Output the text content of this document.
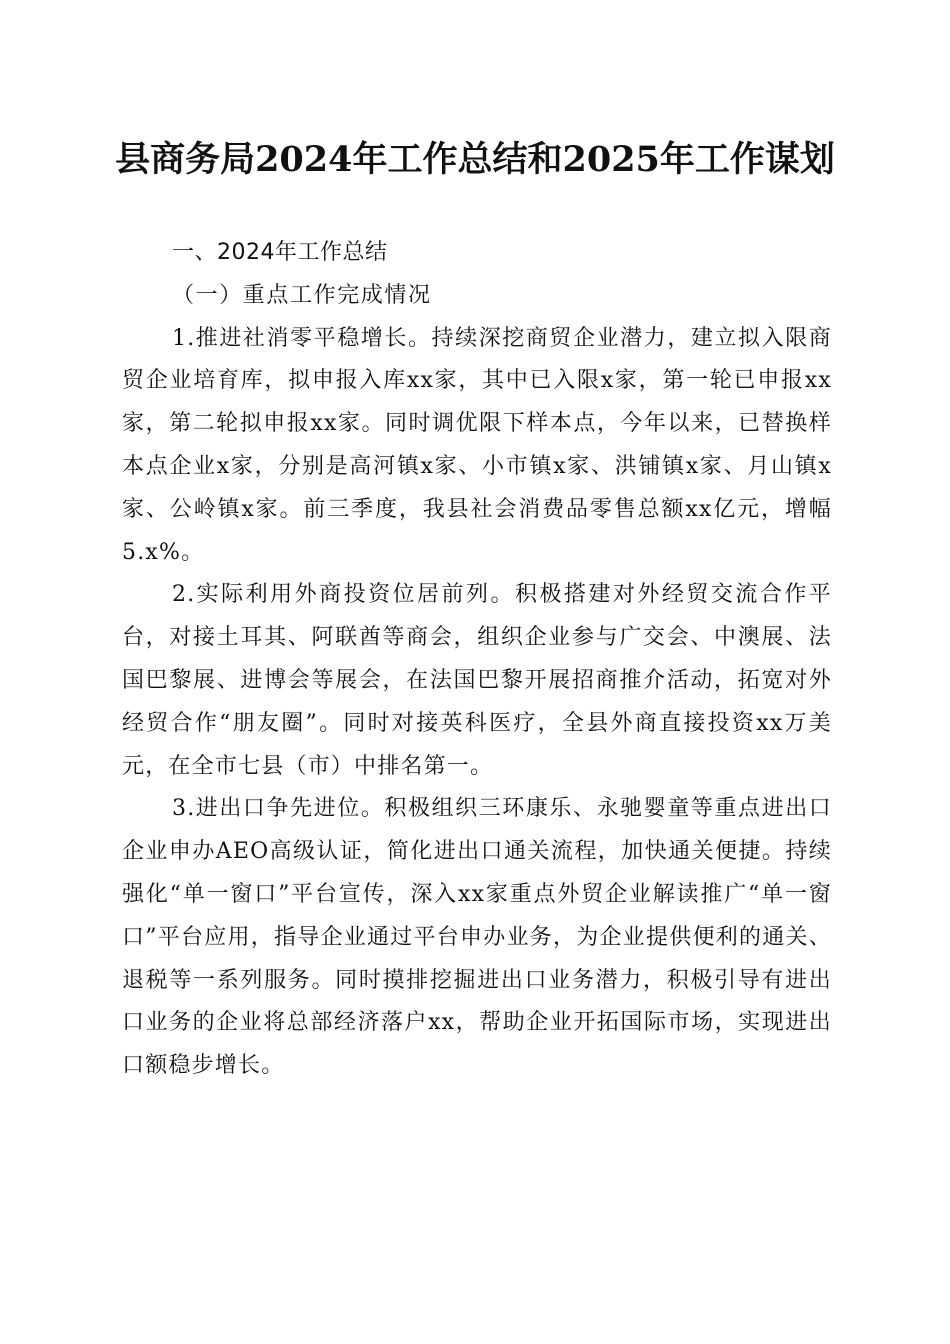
县商务局2024年工作总结和2025年工作谋划

一、2024年工作总结

（一）重点工作完成情况

1.推进社消零平稳增长。持续深挖商贸企业潜力，建立拟入限商贸企业培育库，拟申报入库xx家，其中已入限x家，第一轮已申报xx家，第二轮拟申报xx家。同时调优限下样本点，今年以来，已替换样本点企业x家，分别是高河镇x家、小市镇x家、洪铺镇x家、月山镇x家、公岭镇x家。前三季度，我县社会消费品零售总额xx亿元，增幅5.x%。

2.实际利用外商投资位居前列。积极搭建对外经贸交流合作平台，对接土耳其、阿联酋等商会，组织企业参与广交会、中澳展、法国巴黎展、进博会等展会，在法国巴黎开展招商推介活动，拓宽对外经贸合作“朋友圈”。同时对接英科医疗，全县外商直接投资xx万美元，在全市七县（市）中排名第一。

3.进出口争先进位。积极组织三环康乐、永驰婴童等重点进出口企业申办AEO高级认证，简化进出口通关流程，加快通关便捷。持续强化“单一窗口”平台宣传，深入xx家重点外贸企业解读推广“单一窗口”平台应用，指导企业通过平台申办业务，为企业提供便利的通关、退税等一系列服务。同时摸排挖掘进出口业务潜力，积极引导有进出口业务的企业将总部经济落户xx，帮助企业开拓国际市场，实现进出口额稳步增长。
